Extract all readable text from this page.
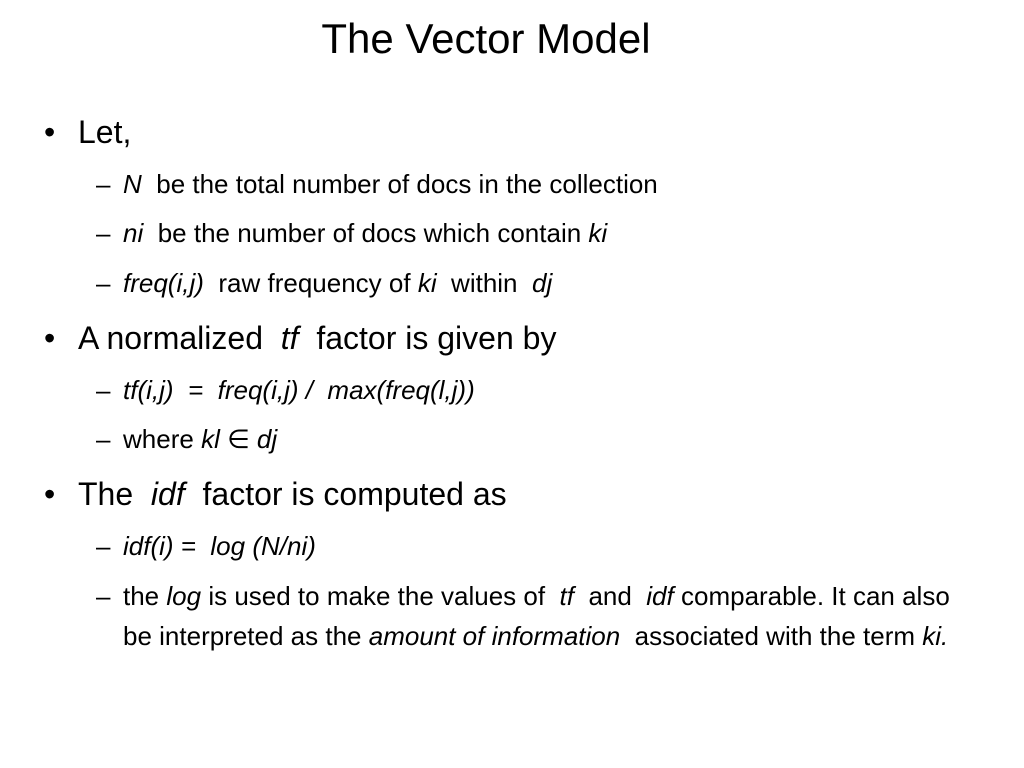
The Vector Model
• Let,
– N be the total number of docs in the collection
– ni be the number of docs which contain ki
– freq(i,j) raw frequency of ki within dj
• A normalized tf factor is given by
– tf(i,j)  =  freq(i,j) /  max(freq(l,j))
– where kl ∈ dj
• The idf factor is computed as
– idf(i) =  log (N/ni)
– the log is used to make the values of tf and idf comparable. It can also be interpreted as the amount of information associated with the term ki.
